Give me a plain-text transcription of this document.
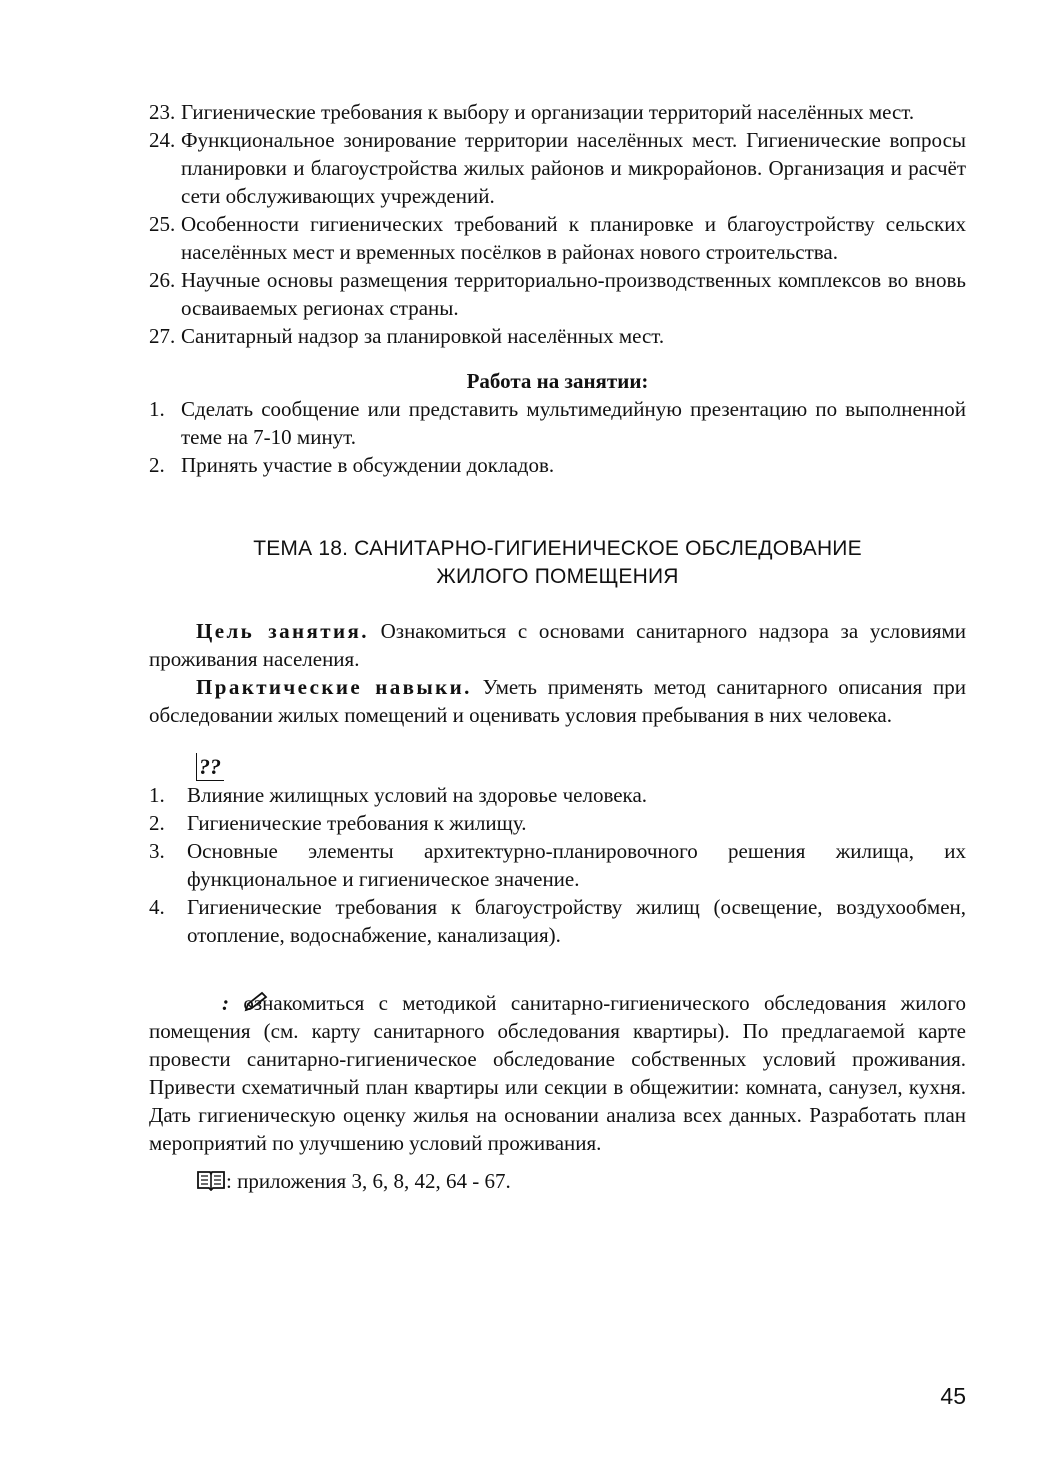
23. Гигиенические требования к выбору и организации территорий населённых мест.
24. Функциональное зонирование территории населённых мест. Гигиенические вопросы планировки и благоустройства жилых районов и микрорайонов. Организация и расчёт сети обслуживающих учреждений.
25. Особенности гигиенических требований к планировке и благоустройству сельских населённых мест и временных посёлков в районах нового строительства.
26. Научные основы размещения территориально-производственных комплексов во вновь осваиваемых регионах страны.
27. Санитарный надзор за планировкой населённых мест.
Работа на занятии:
1. Сделать сообщение или представить мультимедийную презентацию по выполненной теме на 7-10 минут.
2. Принять участие в обсуждении докладов.
ТЕМА 18. САНИТАРНО-ГИГИЕНИЧЕСКОЕ ОБСЛЕДОВАНИЕ
ЖИЛОГО ПОМЕЩЕНИЯ
Цель занятия. Ознакомиться с основами санитарного надзора за условиями проживания населения.
Практические навыки. Уметь применять метод санитарного описания при обследовании жилых помещений и оценивать условия пребывания в них человека.
??
1. Влияние жилищных условий на здоровье человека.
2. Гигиенические требования к жилищу.
3. Основные элементы архитектурно-планировочного решения жилища, их функциональное и гигиеническое значение.
4. Гигиенические требования к благоустройству жилищ (освещение, воздухообмен, отопление, водоснабжение, канализация).
: ознакомиться с методикой санитарно-гигиенического обследования жилого помещения (см. карту санитарного обследования квартиры). По предлагаемой карте провести санитарно-гигиеническое обследование собственных условий проживания. Привести схематичный план квартиры или секции в общежитии: комната, санузел, кухня. Дать гигиеническую оценку жилья на основании анализа всех данных. Разработать план мероприятий по улучшению условий проживания.
: приложения 3, 6, 8, 42, 64 - 67.
45
